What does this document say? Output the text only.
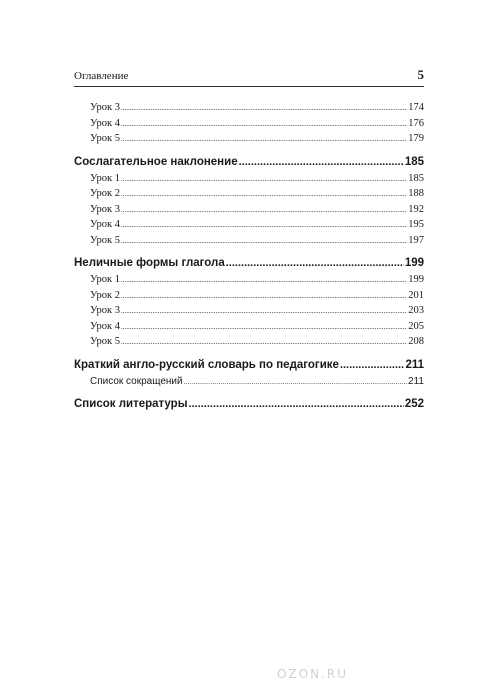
Оглавление	5
Урок 3 .....	174
Урок 4 .....	176
Урок 5 .....	179
Сослагательное наклонение .....	185
Урок 1 .....	185
Урок 2 .....	188
Урок 3 .....	192
Урок 4 .....	195
Урок 5 .....	197
Неличные формы глагола .....	199
Урок 1 .....	199
Урок 2 .....	201
Урок 3 .....	203
Урок 4 .....	205
Урок 5 .....	208
Краткий англо-русский словарь по педагогике .....	211
Список сокращений .....	211
Список литературы .....	252
OZON.RU
